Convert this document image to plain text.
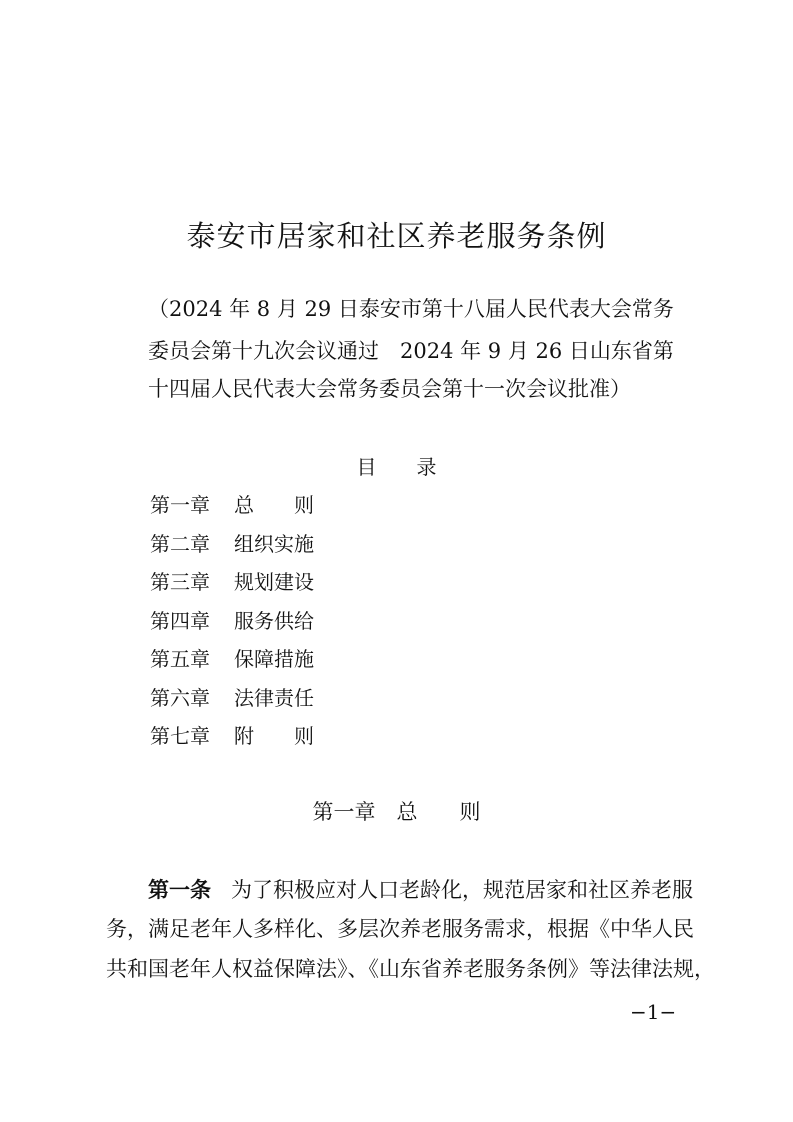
泰安市居家和社区养老服务条例
（2024 年 8 月 29 日泰安市第十八届人民代表大会常务
委员会第十九次会议通过　2024 年 9 月 26 日山东省第
十四届人民代表大会常务委员会第十一次会议批准）
目　　录
第一章 总　　则
第二章 组织实施
第三章 规划建设
第四章 服务供给
第五章 保障措施
第六章 法律责任
第七章 附　　则
第一章　总　　则
第一条 为了积极应对人口老龄化，规范居家和社区养老服
务，满足老年人多样化、多层次养老服务需求，根据《中华人民
共和国老年人权益保障法》、《山东省养老服务条例》等法律法规，
−1−
